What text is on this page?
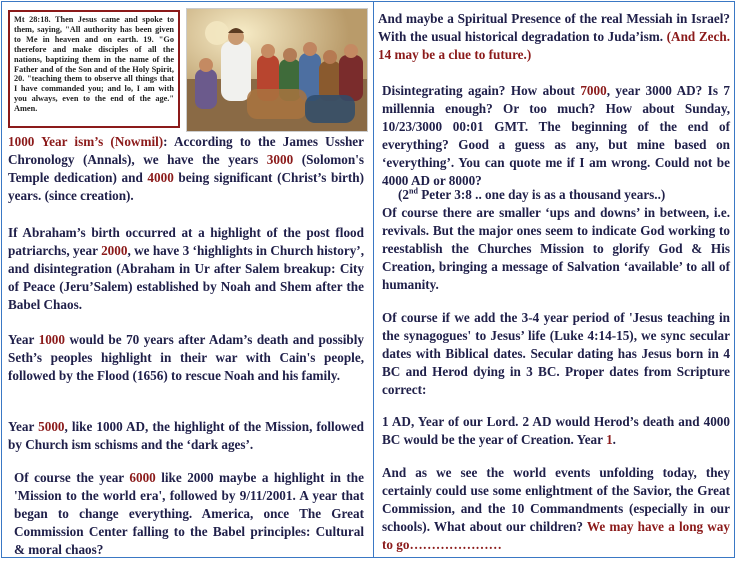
Mt 28:18. Then Jesus came and spoke to them, saying, "All authority has been given to Me in heaven and on earth. 19. "Go therefore and make disciples of all the nations, baptizing them in the name of the Father and of the Son and of the Holy Spirit, 20. "teaching them to observe all things that I have commanded you; and lo, I am with you always, even to the end of the age." Amen.

1000 Year ism’s (Nowmil): According to the James Ussher Chronology (Annals), we have the years 3000 (Solomon's Temple dedication) and 4000 being significant (Christ’s birth) years. (since creation).

If Abraham’s birth occurred at a highlight of the post flood patriarchs, year 2000, we have 3 ‘highlights in Church history’, and disintegration (Abraham in Ur after Salem breakup: City of Peace (Jeru’Salem) established by Noah and Shem after the Babel Chaos.

Year 1000 would be 70 years after Adam’s death and possibly Seth’s peoples highlight in their war with Cain's people, followed by the Flood (1656) to rescue Noah and his family.

Year 5000, like 1000 AD, the highlight of the Mission, followed by Church ism schisms and the ‘dark ages’.

Of course the year 6000 like 2000 maybe a highlight in the 'Mission to the world era', followed by 9/11/2001. A year that began to change everything. America, once The Great Commission Center falling to the Babel principles: Cultural & moral chaos?

And maybe a Spiritual Presence of the real Messiah in Israel? With the usual historical degradation to Juda’ism. (And Zech. 14 may be a clue to future.)

Disintegrating again? How about 7000, year 3000 AD? Is 7 millennia enough? Or too much? How about Sunday, 10/23/3000 00:01 GMT. The beginning of the end of everything? Good a guess as any, but mine based on ‘everything’. You can quote me if I am wrong. Could not be 4000 AD or 8000?

(2nd Peter 3:8 .. one day is as a thousand years..)

Of course there are smaller ‘ups and downs’ in between, i.e. revivals. But the major ones seem to indicate God working to reestablish the Churches Mission to glorify God & His Creation, bringing a message of Salvation ‘available’ to all of humanity.

Of course if we add the 3-4 year period of 'Jesus teaching in the synagogues' to Jesus’ life (Luke 4:14-15), we sync secular dates with Biblical dates. Secular dating has Jesus born in 4 BC and Herod dying in 3 BC. Proper dates from Scripture correct:

1 AD, Year of our Lord. 2 AD would Herod’s death and 4000 BC would be the year of Creation. Year 1.

And as we see the world events unfolding today, they certainly could use some enlightment of the Savior, the Great Commission, and the 10 Commandments (especially in our schools). What about our children? We may have a long way to go…………………
